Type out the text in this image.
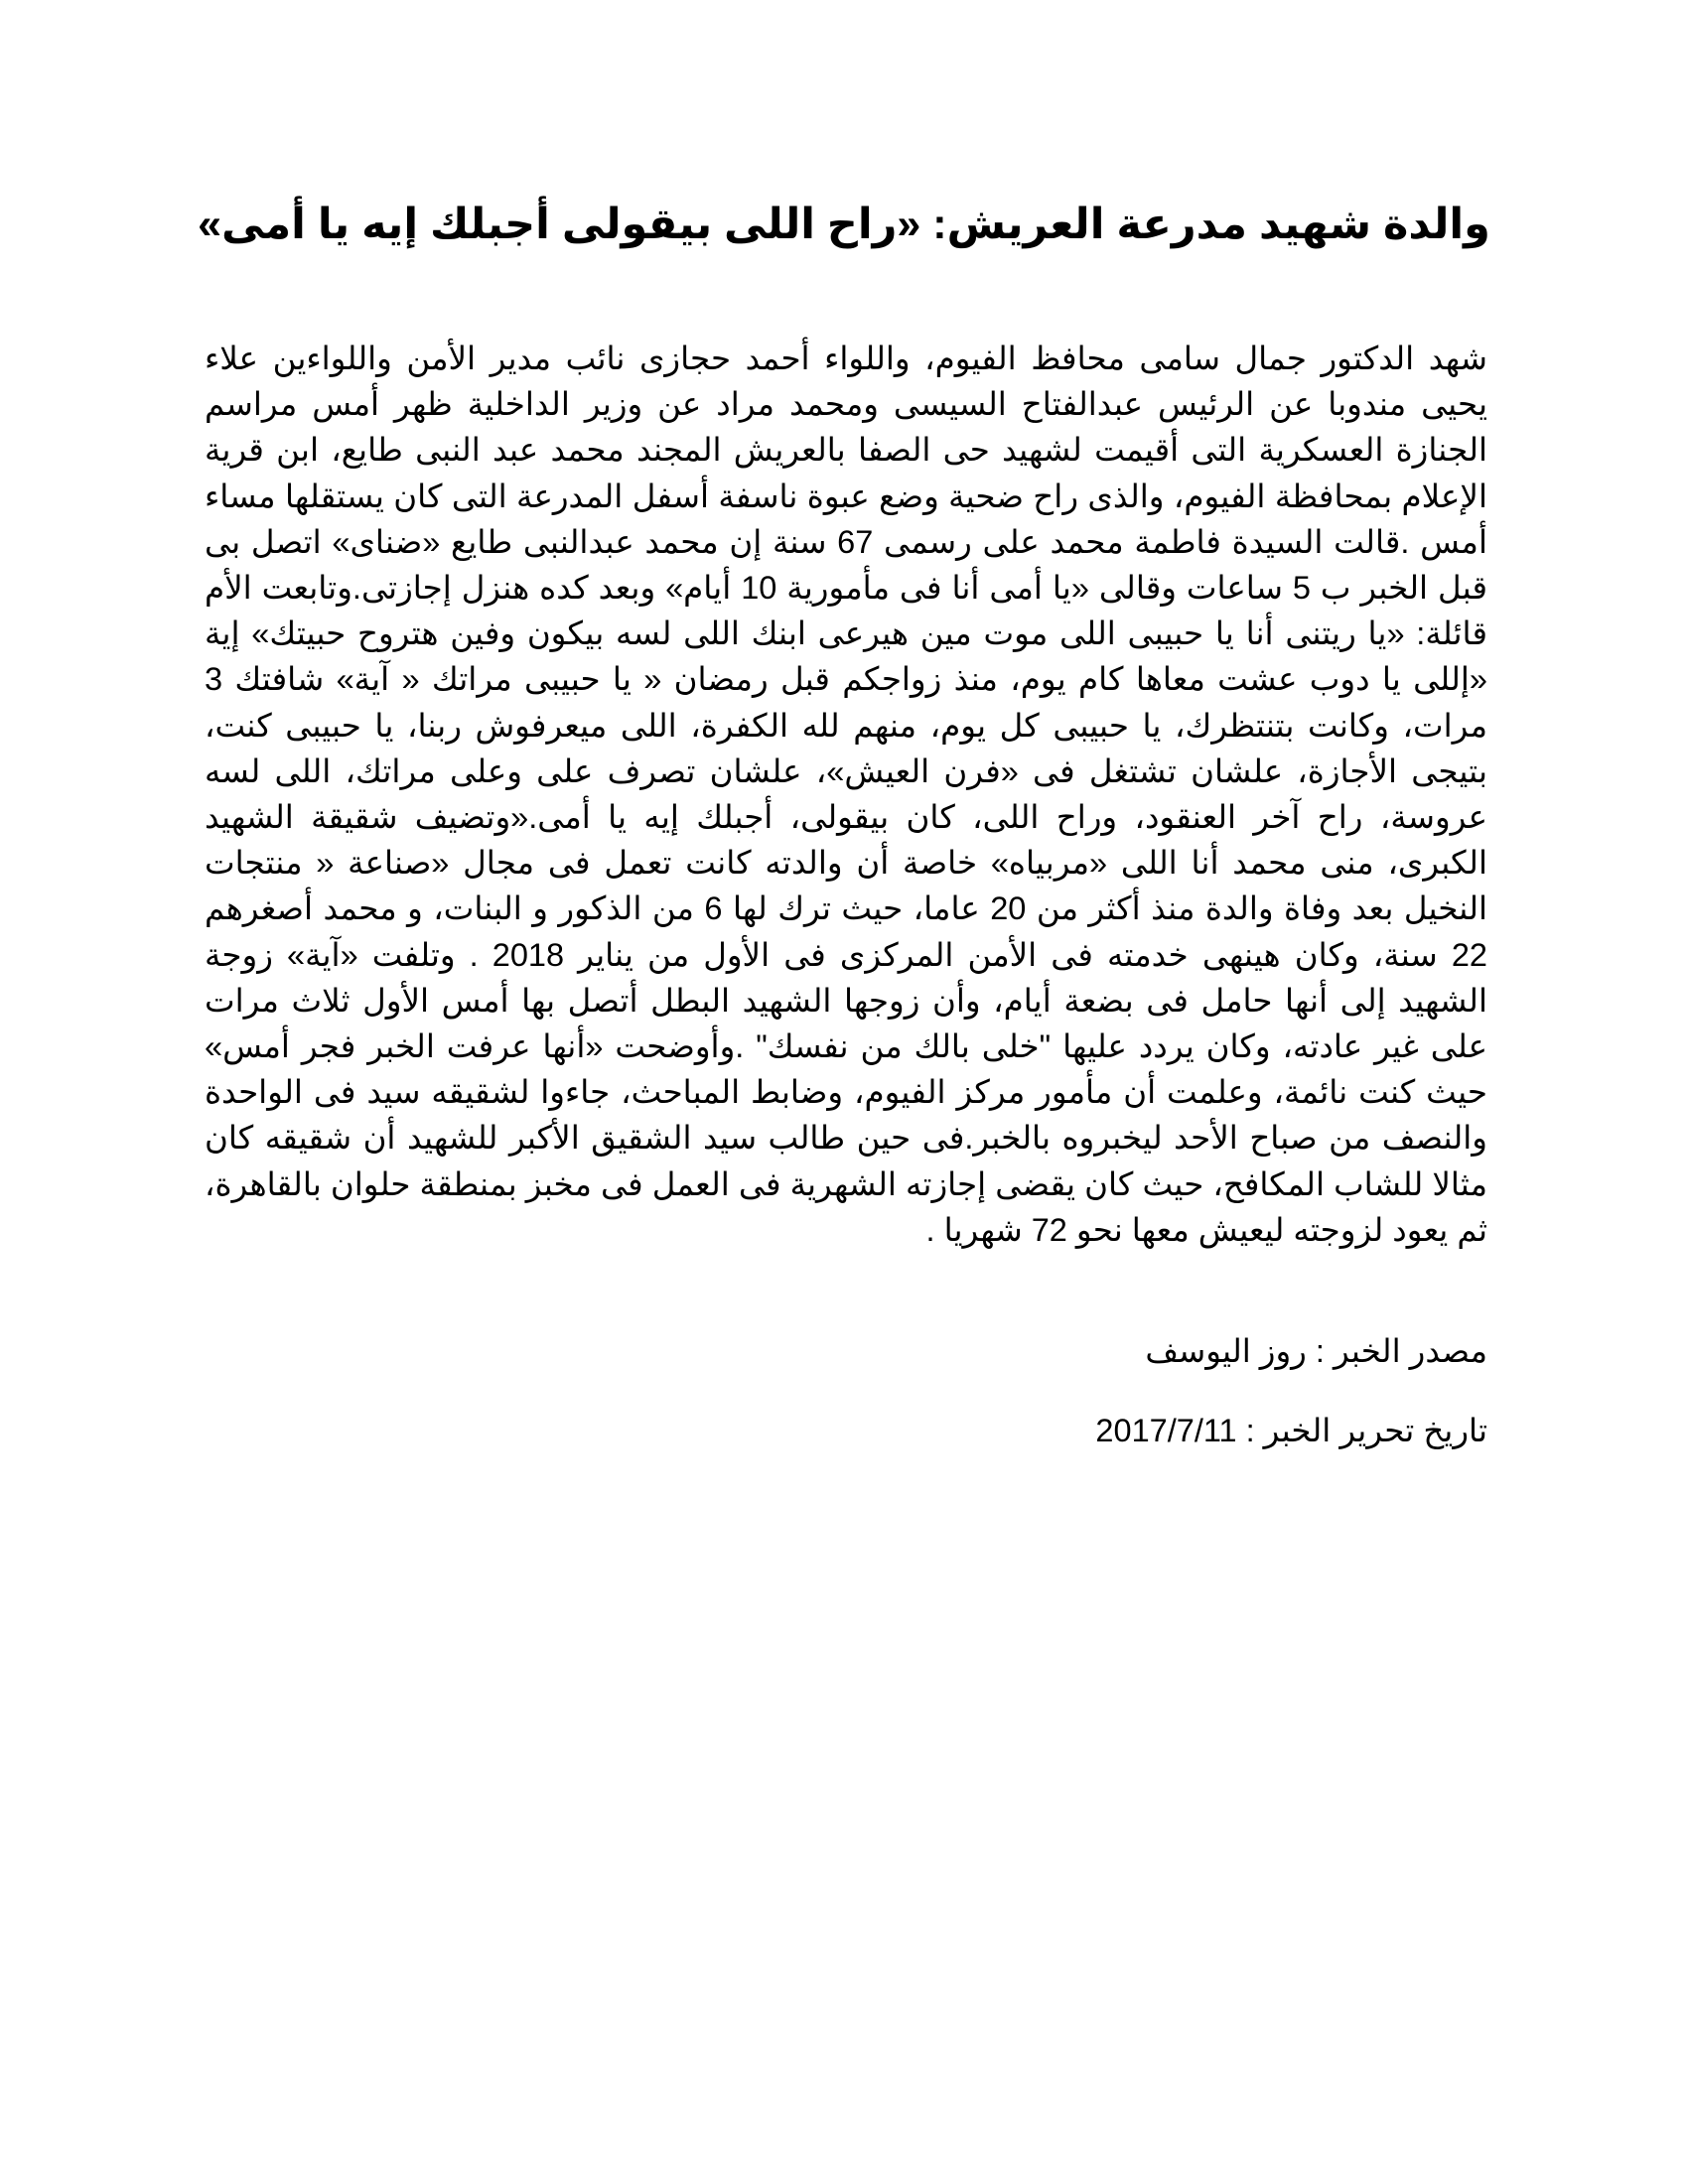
والدة شهيد مدرعة العريش: «راح اللى بيقولى أجبلك إيه يا أمى»

شهد الدكتور جمال سامى محافظ الفيوم، واللواء أحمد حجازى نائب مدير الأمن واللواءين علاء يحيى مندوبا عن الرئيس عبدالفتاح السيسى ومحمد مراد عن وزير الداخلية ظهر أمس مراسم الجنازة العسكرية التى أقيمت لشهيد حى الصفا بالعريش المجند محمد عبد النبى طايع، ابن قرية الإعلام بمحافظة الفيوم، والذى راح ضحية وضع عبوة ناسفة أسفل المدرعة التى كان يستقلها مساء أمس .قالت السيدة فاطمة محمد على رسمى 67 سنة إن محمد عبدالنبى طايع «ضناى» اتصل بى قبل الخبر ب 5 ساعات وقالى «يا أمى أنا فى مأمورية 10 أيام» وبعد كده هنزل إجازتى.وتابعت الأم قائلة: «يا ريتنى أنا يا حبيبى اللى موت مين هيرعى ابنك اللى لسه بيكون وفين هتروح حبيتك» إية «إللى يا دوب عشت معاها كام يوم، منذ زواجكم قبل رمضان « يا حبيبى مراتك « آية» شافتك 3 مرات، وكانت بتنتظرك، يا حبيبى كل يوم، منهم لله الكفرة، اللى ميعرفوش ربنا، يا حبيبى كنت، بتيجى الأجازة، علشان تشتغل فى «فرن العيش»، علشان تصرف على وعلى مراتك، اللى لسه عروسة، راح آخر العنقود، وراح اللى، كان بيقولى، أجبلك إيه يا أمى.«وتضيف شقيقة الشهيد الكبرى، منى محمد أنا اللى «مربياه» خاصة أن والدته كانت تعمل فى مجال «صناعة « منتجات النخيل بعد وفاة والدة منذ أكثر من 20 عاما، حيث ترك لها 6 من الذكور و البنات، و محمد أصغرهم 22 سنة، وكان هينهى خدمته فى الأمن المركزى فى الأول من يناير 2018 . وتلفت «آية» زوجة الشهيد إلى أنها حامل فى بضعة أيام، وأن زوجها الشهيد البطل أتصل بها أمس الأول ثلاث مرات على غير عادته، وكان يردد عليها "خلى بالك من نفسك" .وأوضحت «أنها عرفت الخبر فجر أمس» حيث كنت نائمة، وعلمت أن مأمور مركز الفيوم، وضابط المباحث، جاءوا لشقيقه سيد فى الواحدة والنصف من صباح الأحد ليخبروه بالخبر.فى حين طالب سيد الشقيق الأكبر للشهيد أن شقيقه كان مثالا للشاب المكافح، حيث كان يقضى إجازته الشهرية فى العمل فى مخبز بمنطقة حلوان بالقاهرة، ثم يعود لزوجته ليعيش معها نحو 72 شهريا .

مصدر الخبر : روز اليوسف

تاريخ تحرير الخبر : 2017/7/11
